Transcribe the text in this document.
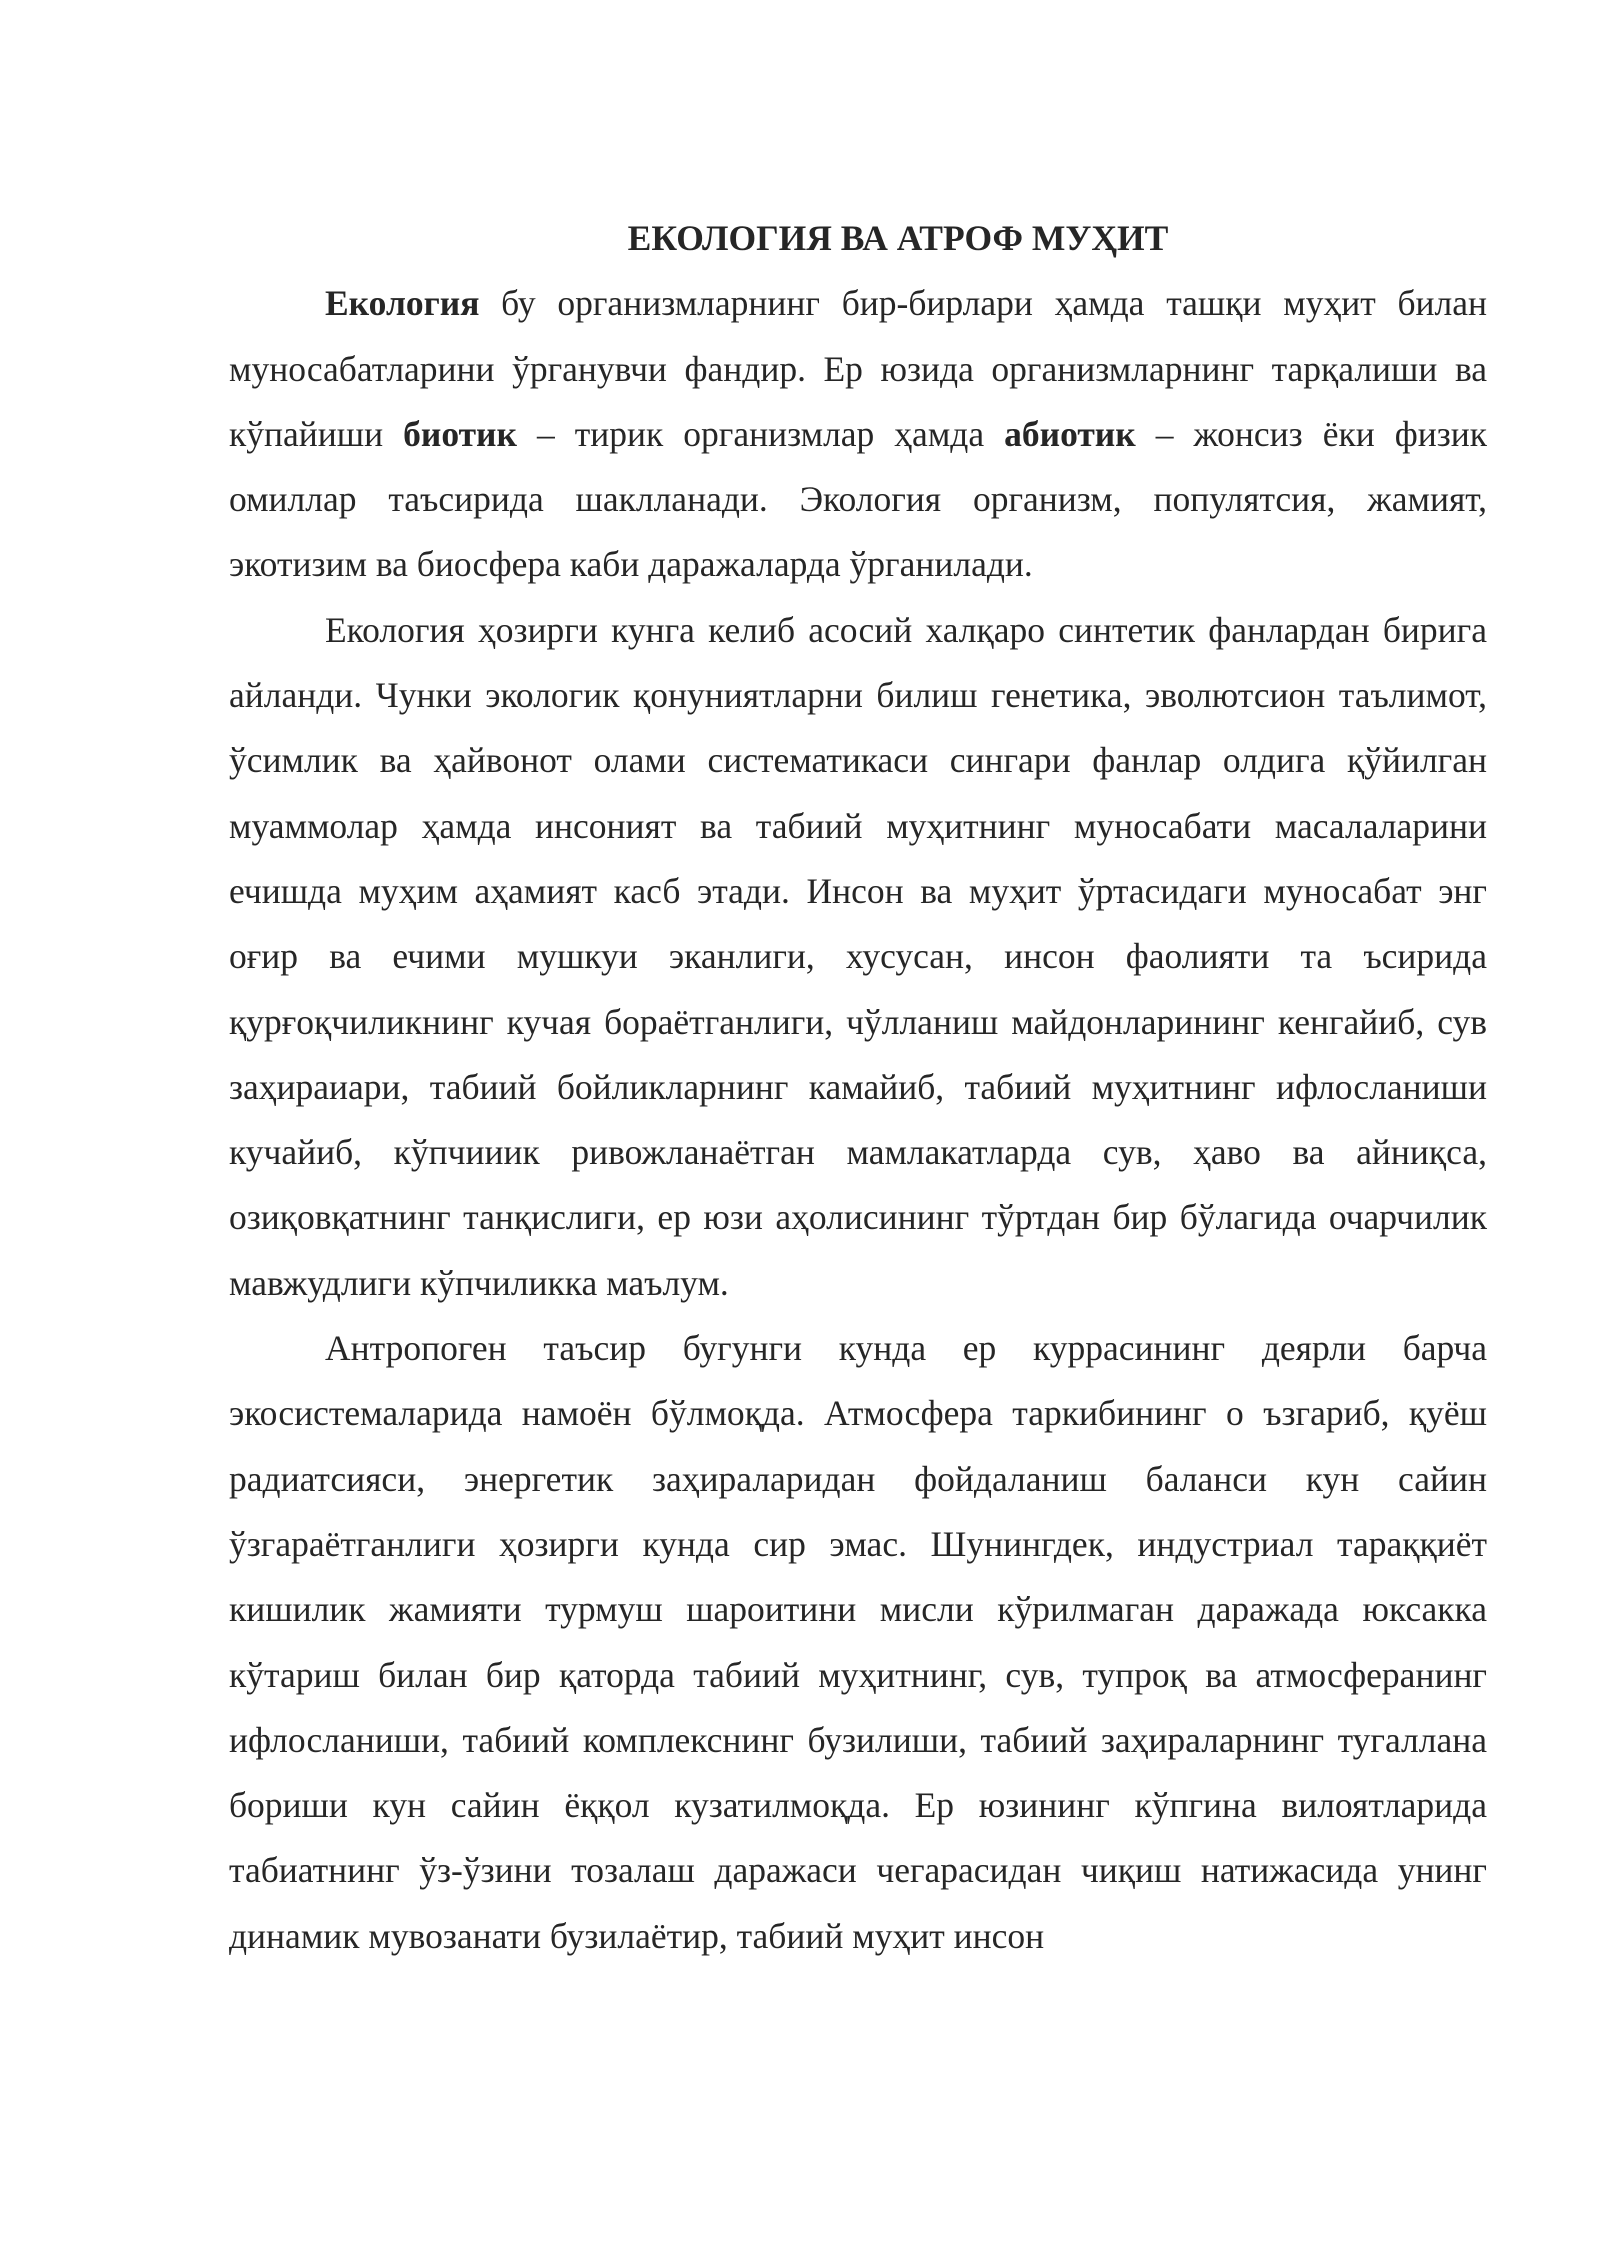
ЕКОЛОГИЯ ВА АТРОФ МУҲИТ

Екология бу организмларнинг бир-бирлари ҳамда ташқи муҳит билан муносабатларини ўрганувчи фандир. Ер юзида организмларнинг тарқалиши ва кўпайиши биотик – тирик организмлар ҳамда абиотик – жонсиз ёки физик омиллар таъсирида шаклланади. Экология организм, популятсия, жамият, экотизим ва биосфера каби даражаларда ўрганилади.

Екология ҳозирги кунга келиб асосий халқаро синтетик фанлардан бирига айланди. Чунки экологик қонуниятларни билиш генетика, эволютсион таълимот, ўсимлик ва ҳайвонот олами систематикаси сингари фанлар олдига қўйилган муаммолар ҳамда инсоният ва табиий муҳитнинг муносабати масалаларини ечишда муҳим аҳамият касб этади. Инсон ва муҳит ўртасидаги муносабат энг оғир ва ечими мушкуи эканлиги, хусусан, инсон фаолияти та ъсирида қурғоқчиликнинг кучая бораётганлиги, чўлланиш майдонларининг кенгайиб, сув заҳираиари, табиий бойликларнинг камайиб, табиий муҳитнинг ифлосланиши кучайиб, кўпчииик ривожланаётган мамлакатларда сув, ҳаво ва айниқса, озиқовқатнинг танқислиги, ер юзи аҳолисининг тўртдан бир бўлагида очарчилик мавжудлиги кўпчиликка маълум.

Антропоген таъсир бугунги кунда ер куррасининг деярли барча экосистемаларида намоён бўлмоқда. Атмосфера таркибининг о ъзгариб, қуёш радиатсияси, энергетик заҳираларидан фойдаланиш баланси кун сайин ўзгараётганлиги ҳозирги кунда сир эмас. Шунингдек, индустриал тараққиёт кишилик жамияти турмуш шароитини мисли кўрилмаган даражада юксакка кўтариш билан бир қаторда табиий муҳитнинг, сув, тупроқ ва атмосферанинг ифлосланиши, табиий комплекснинг бузилиши, табиий заҳираларнинг тугаллана бориши кун сайин ёққол кузатилмоқда. Ер юзининг кўпгина вилоятларида табиатнинг ўз-ўзини тозалаш даражаси чегарасидан чиқиш натижасида унинг динамик мувозанати бузилаётир, табиий муҳит инсон
